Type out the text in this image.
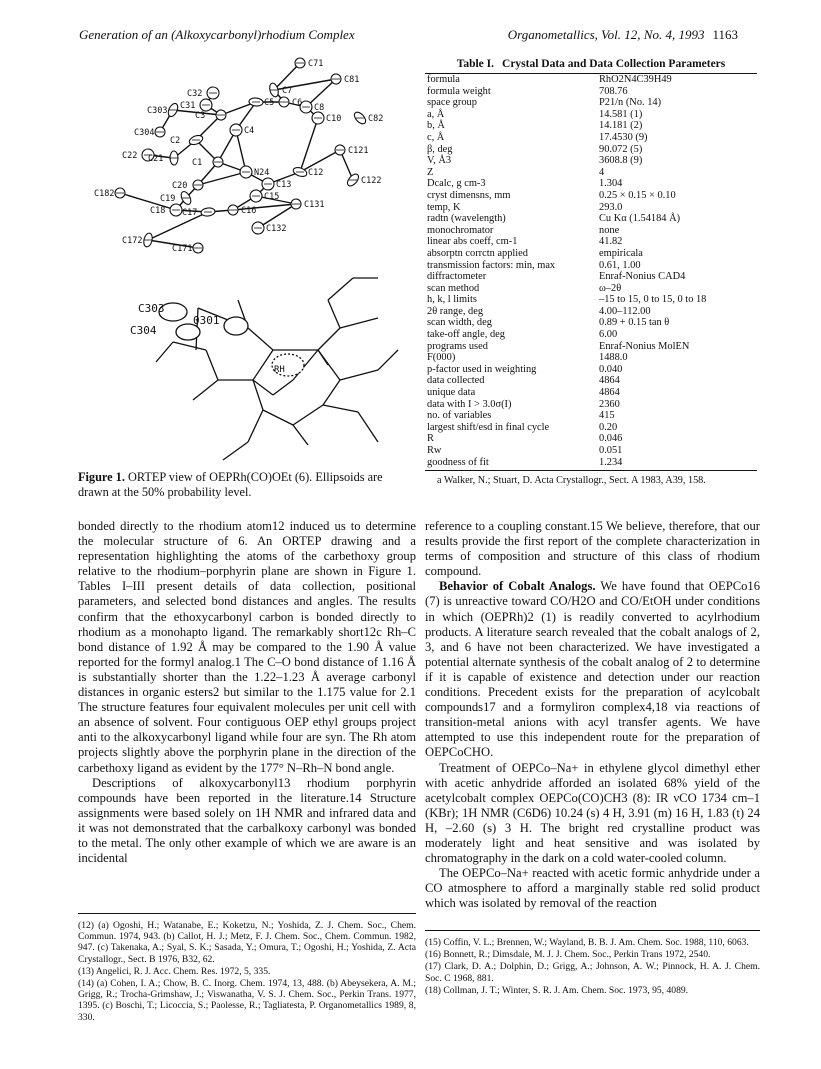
Generation of an (Alkoxycarbonyl)rhodium Complex	Organometallics, Vol. 12, No. 4, 1993 1163
C71
C32	C7
C81
C31	C5 C6 C8
C303	C3	C10	C82
C304	C4
C2
C121
C22 C21	C1
N24	C12
C20	C13	C122
C182	C15
C19
C131
C18 C17	C16
C132
C172
C171
C303
0301
C304
RH
Figure 1. ORTEP view of OEPRh(CO)OEt (6). Ellipsoids are drawn at the 50% probability level.
Table I. Crystal Data and Data Collection Parameters
formula	RhO2N4C39H49
formula weight	708.76
space group	P21/n (No. 14)
a, Å	14.581 (1)
b, Å	14.181 (2)
c, Å	17.4530 (9)
β, deg	90.072 (5)
V, Å3	3608.8 (9)
Z	4
Dcalc, g cm-3	1.304
cryst dimensns, mm	0.25 × 0.15 × 0.10
temp, K	293.0
radtn (wavelength)	Cu Kα (1.54184 Å)
monochromator	none
linear abs coeff, cm-1	41.82
absorptn corrctn applied	empiricala
transmission factors: min, max	0.61, 1.00
diffractometer	Enraf-Nonius CAD4
scan method	ω–2θ
h, k, l limits	–15 to 15, 0 to 15, 0 to 18
2θ range, deg	4.00–112.00
scan width, deg	0.89 + 0.15 tan θ
take-off angle, deg	6.00
programs used	Enraf-Nonius MolEN
F(000)	1488.0
p-factor used in weighting	0.040
data collected	4864
unique data	4864
data with I > 3.0σ(I)	2360
no. of variables	415
largest shift/esd in final cycle	0.20
R	0.046
Rw	0.051
goodness of fit	1.234
a Walker, N.; Stuart, D. Acta Crystallogr., Sect. A 1983, A39, 158.

bonded directly to the rhodium atom12 induced us to determine the molecular structure of 6. An ORTEP drawing and a representation highlighting the atoms of the carbethoxy group relative to the rhodium–porphyrin plane are shown in Figure 1. Tables I–III present details of data collection, positional parameters, and selected bond distances and angles. The results confirm that the ethoxycarbonyl carbon is bonded directly to rhodium as a monohapto ligand. The remarkably short12c Rh–C bond distance of 1.92 Å may be compared to the 1.90 Å value reported for the formyl analog.1 The C–O bond distance of 1.16 Å is substantially shorter than the 1.22–1.23 Å average carbonyl distances in organic esters2 but similar to the 1.175 value for 2.1 The structure features four equivalent molecules per unit cell with an absence of solvent. Four contiguous OEP ethyl groups project anti to the alkoxycarbonyl ligand while four are syn. The Rh atom projects slightly above the porphyrin plane in the direction of the carbethoxy ligand as evident by the 177° N–Rh–N bond angle.

Descriptions of alkoxycarbonyl13 rhodium porphyrin compounds have been reported in the literature.14 Structure assignments were based solely on 1H NMR and infrared data and it was not demonstrated that the carbalkoxy carbonyl was bonded to the metal. The only other example of which we are aware is an incidental

reference to a coupling constant.15 We believe, therefore, that our results provide the first report of the complete characterization in terms of composition and structure of this class of rhodium compound.

Behavior of Cobalt Analogs. We have found that OEPCo16 (7) is unreactive toward CO/H2O and CO/EtOH under conditions in which (OEPRh)2 (1) is readily converted to acylrhodium products. A literature search revealed that the cobalt analogs of 2, 3, and 6 have not been characterized. We have investigated a potential alternate synthesis of the cobalt analog of 2 to determine if it is capable of existence and detection under our reaction conditions. Precedent exists for the preparation of acylcobalt compounds17 and a formyliron complex4,18 via reactions of transition-metal anions with acyl transfer agents. We have attempted to use this independent route for the preparation of OEPCoCHO.

Treatment of OEPCo–Na+ in ethylene glycol dimethyl ether with acetic anhydride afforded an isolated 68% yield of the acetylcobalt complex OEPCo(CO)CH3 (8): IR νCO 1734 cm–1 (KBr); 1H NMR (C6D6) 10.24 (s) 4 H, 3.91 (m) 16 H, 1.83 (t) 24 H, –2.60 (s) 3 H. The bright red crystalline product was moderately light and heat sensitive and was isolated by chromatography in the dark on a cold water-cooled column.

The OEPCo–Na+ reacted with acetic formic anhydride under a CO atmosphere to afford a marginally stable red solid product which was isolated by removal of the reaction

(12) (a) Ogoshi, H.; Watanabe, E.; Koketzu, N.; Yoshida, Z. J. Chem. Soc., Chem. Commun. 1974, 943. (b) Callot, H. J.; Metz, F. J. Chem. Soc., Chem. Commun. 1982, 947. (c) Takenaka, A.; Syal, S. K.; Sasada, Y.; Omura, T.; Ogoshi, H.; Yoshida, Z. Acta Crystallogr., Sect. B 1976, B32, 62.
(13) Angelici, R. J. Acc. Chem. Res. 1972, 5, 335.
(14) (a) Cohen, I. A.; Chow, B. C. Inorg. Chem. 1974, 13, 488. (b) Abeysekera, A. M.; Grigg, R.; Trocha-Grimshaw, J.; Viswanatha, V. S. J. Chem. Soc., Perkin Trans. 1977, 1395. (c) Boschi, T.; Licoccia, S.; Paolesse, R.; Tagliatesta, P. Organometallics 1989, 8, 330.
(15) Coffin, V. L.; Brennen, W.; Wayland, B. B. J. Am. Chem. Soc. 1988, 110, 6063.
(16) Bonnett, R.; Dimsdale, M. J. J. Chem. Soc., Perkin Trans 1972, 2540.
(17) Clark, D. A.; Dolphin, D.; Grigg, A.; Johnson, A. W.; Pinnock, H. A. J. Chem. Soc. C 1968, 881.
(18) Collman, J. T.; Winter, S. R. J. Am. Chem. Soc. 1973, 95, 4089.
